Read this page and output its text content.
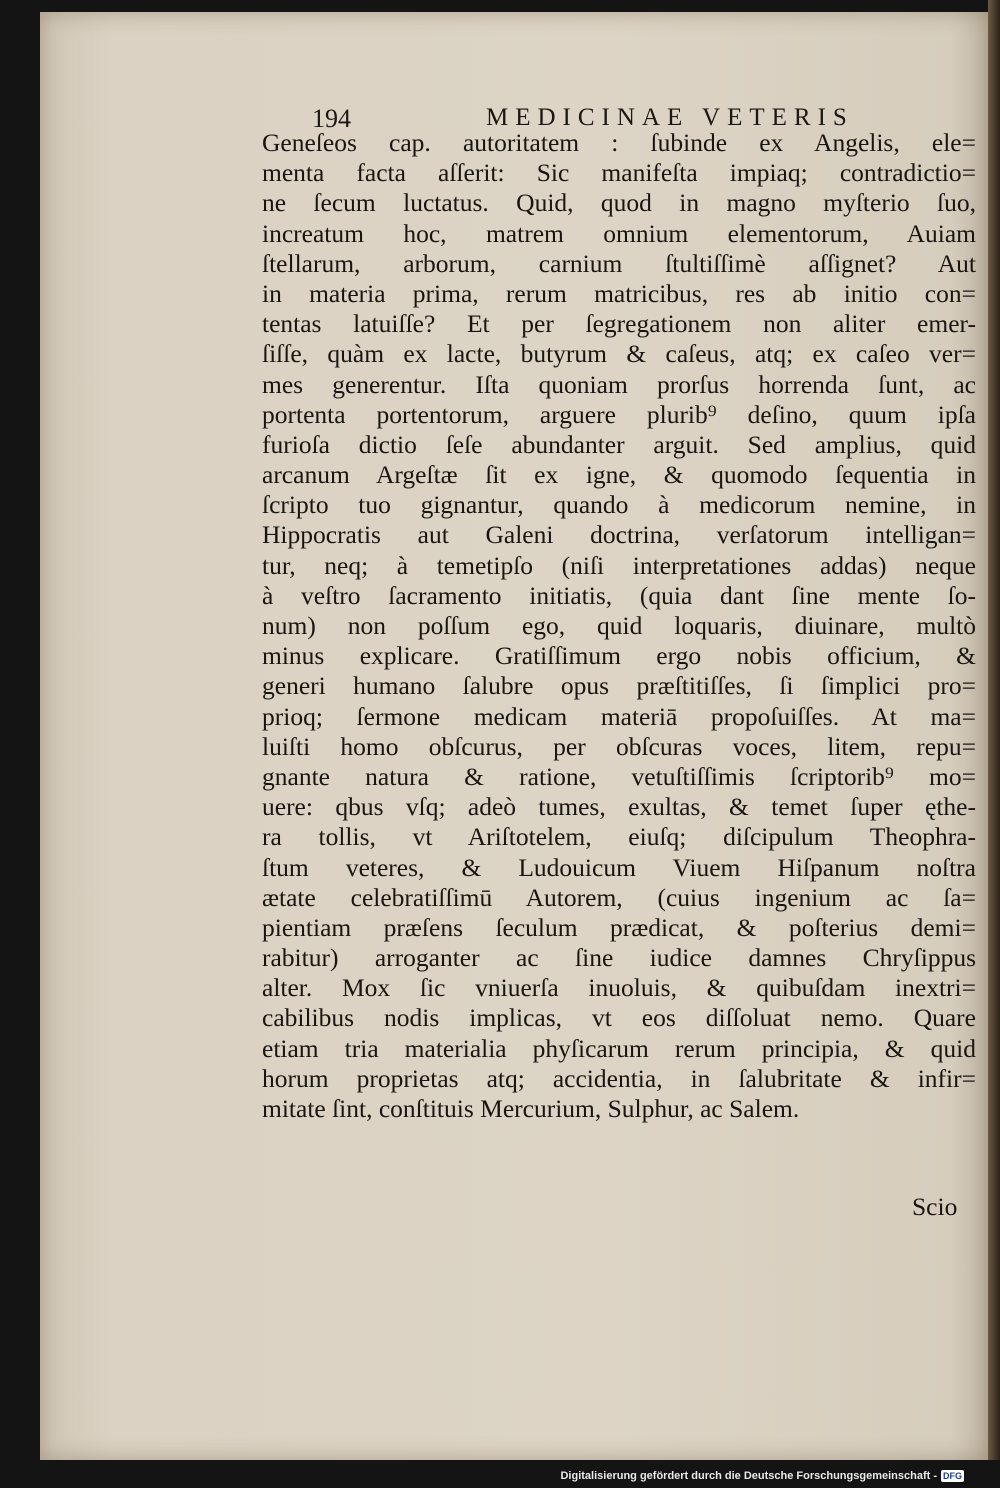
194	MEDICINAE VETERIS
Geneſeos cap. autoritatem : ſubinde ex Angelis, ele=
menta facta aſſerit: Sic manifeſta impiaq; contradictio=
ne ſecum luctatus. Quid, quod in magno myſterio ſuo,
increatum hoc, matrem omnium elementorum, Auiam
ſtellarum, arborum, carnium ſtultiſſimè aſſignet? Aut
in materia prima, rerum matricibus, res ab initio con=
tentas latuiſſe? Et per ſegregationem non aliter emer-
ſiſſe, quàm ex lacte, butyrum & caſeus, atq; ex caſeo ver=
mes generentur. Iſta quoniam prorſus horrenda ſunt, ac
portenta portentorum, arguere plurib⁹ deſino, quum ipſa
furioſa dictio ſeſe abundanter arguit. Sed amplius, quid
arcanum Argeſtæ ſit ex igne, & quomodo ſequentia in
ſcripto tuo gignantur, quando à medicorum nemine, in
Hippocratis aut Galeni doctrina, verſatorum intelligan=
tur, neq; à temetipſo (niſi interpretationes addas) neque
à veſtro ſacramento initiatis, (quia dant ſine mente ſo-
num) non poſſum ego, quid loquaris, diuinare, multò
minus explicare. Gratiſſimum ergo nobis officium, &
generi humano ſalubre opus præſtitiſſes, ſi ſimplici pro=
prioq; ſermone medicam materiā propoſuiſſes. At ma=
luiſti homo obſcurus, per obſcuras voces, litem, repu=
gnante natura & ratione, vetuſtiſſimis ſcriptorib⁹ mo=
uere: qbus vſq; adeò tumes, exultas, & temet ſuper ęthe-
ra tollis, vt Ariſtotelem, eiuſq; diſcipulum Theophra-
ſtum veteres, & Ludouicum Viuem Hiſpanum noſtra
ætate celebratiſſimū Autorem, (cuius ingenium ac ſa=
pientiam præſens ſeculum prædicat, & poſterius demi=
rabitur) arroganter ac ſine iudice damnes Chryſippus
alter. Mox ſic vniuerſa inuoluis, & quibuſdam inextri=
cabilibus nodis implicas, vt eos diſſoluat nemo. Quare
etiam tria materialia phyſicarum rerum principia, & quid
horum proprietas atq; accidentia, in ſalubritate & infir=
mitate ſint, conſtituis Mercurium, Sulphur, ac Salem.
Scio
Digitalisierung gefördert durch die Deutsche Forschungsgemeinschaft - DFG
